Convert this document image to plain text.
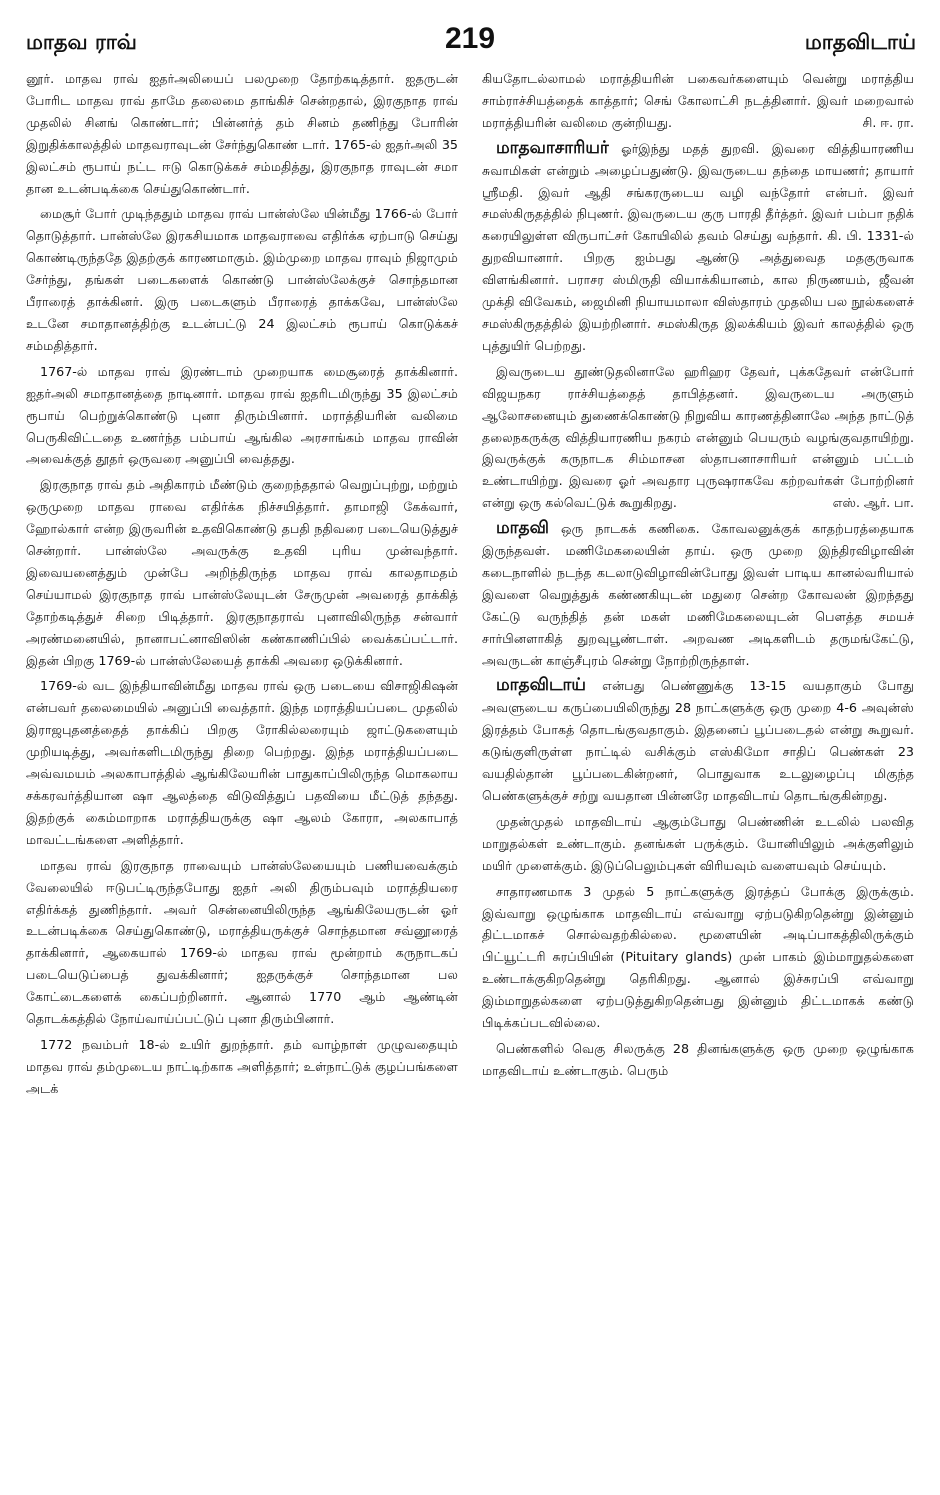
மாதவ ராவ்	219	மாதவிடாய்

னூர். மாதவ ராவ் ஐதர்அலியைப் பலமுறை தோற்கடித்தார். ஐதருடன் போரிட மாதவ ராவ் தாமே தலைமை தாங்கிச் சென்றதால், இரகுநாத ராவ் முதலில் சினங் கொண்டார்; பின்னர்த் தம் சினம் தணிந்து போரின் இறுதிக்காலத்தில் மாதவராவுடன் சேர்ந்துகொண் டார். 1765-ல் ஐதர்அலி 35 இலட்சம் ரூபாய் நட்ட ஈடு கொடுக்கச் சம்மதித்து, இரகுநாத ராவுடன் சமா தான உடன்படிக்கை செய்துகொண்டார்.

மைசூர் போர் முடிந்ததும் மாதவ ராவ் பான்ஸ்லே யின்மீது 1766-ல் போர் தொடுத்தார். பான்ஸ்லே இரகசியமாக மாதவராவை எதிர்க்க ஏற்பாடு செய்து கொண்டிருந்ததே இதற்குக் காரணமாகும். இம்முறை மாதவ ராவும் நிஜாமும் சேர்ந்து, தங்கள் படைகளைக் கொண்டு பான்ஸ்லேக்குச் சொந்தமான பீராரைத் தாக்கினர். இரு படைகளும் பீராரைத் தாக்கவே, பான்ஸ்லே உடனே சமாதானத்திற்கு உடன்பட்டு 24 இலட்சம் ரூபாய் கொடுக்கச் சம்மதித்தார்.

1767-ல் மாதவ ராவ் இரண்டாம் முறையாக மைசூரைத் தாக்கினார். ஐதர்அலி சமாதானத்தை நாடினார். மாதவ ராவ் ஐதரிடமிருந்து 35 இலட்சம் ரூபாய் பெற்றுக்கொண்டு புனா திரும்பினார். மராத்தியரின் வலிமை பெருகிவிட்டதை உணர்ந்த பம்பாய் ஆங்கில அரசாங்கம் மாதவ ராவின் அவைக்குத் தூதர் ஒருவரை அனுப்பி வைத்தது.

இரகுநாத ராவ் தம் அதிகாரம் மீண்டும் குறைந்ததால் வெறுப்புற்று, மற்றும் ஒருமுறை மாதவ ராவை எதிர்க்க நிச்சயித்தார். தாமாஜி கேக்வார், ஹோல்கார் என்ற இருவரின் உதவிகொண்டு தபதி நதிவரை படையெடுத்துச் சென்றார். பான்ஸ்லே அவருக்கு உதவி புரிய முன்வந்தார். இவையனைத்தும் முன்பே அறிந்திருந்த மாதவ ராவ் காலதாமதம் செய்யாமல் இரகுநாத ராவ் பான்ஸ்லேயுடன் சேருமுன் அவரைத் தாக்கித் தோற்கடித்துச் சிறை பிடித்தார். இரகுநாதராவ் புனாவிலிருந்த சன்வார் அரண்மனையில், நானாபட்னாவிஸின் கண்காணிப்பில் வைக்கப்பட்டார். இதன் பிறகு 1769-ல் பான்ஸ்லேயைத் தாக்கி அவரை ஒடுக்கினார்.

1769-ல் வட இந்தியாவின்மீது மாதவ ராவ் ஒரு படையை விசாஜிகிஷன் என்பவர் தலைமையில் அனுப்பி வைத்தார். இந்த மராத்தியப்படை முதலில் இராஜபுதனத்தைத் தாக்கிப் பிறகு ரோகில்லரையும் ஜாட்டுகளையும் முறியடித்து, அவர்களிடமிருந்து திறை பெற்றது. இந்த மராத்தியப்படை அவ்வமயம் அலகாபாத்தில் ஆங்கிலேயரின் பாதுகாப்பிலிருந்த மொகலாய சக்கரவர்த்தியான ஷா ஆலத்தை விடுவித்துப் பதவியை மீட்டுத் தந்தது. இதற்குக் கைம்மாறாக மராத்தியருக்கு ஷா ஆலம் கோரா, அலகாபாத் மாவட்டங்களை அளித்தார்.

மாதவ ராவ் இரகுநாத ராவையும் பான்ஸ்லேயையும் பணியவைக்கும் வேலையில் ஈடுபட்டிருந்தபோது ஐதர் அலி திரும்பவும் மராத்தியரை எதிர்க்கத் துணிந்தார். அவர் சென்னையிலிருந்த ஆங்கிலேயருடன் ஓர் உடன்படிக்கை செய்துகொண்டு, மராத்தியருக்குச் சொந்தமான சவ்னூரைத் தாக்கினார், ஆகையால் 1769-ல் மாதவ ராவ் மூன்றாம் கருநாடகப் படையெடுப்பைத் துவக்கினார்; ஐதருக்குச் சொந்தமான பல கோட்டைகளைக் கைப்பற்றினார். ஆனால் 1770 ஆம் ஆண்டின் தொடக்கத்தில் நோய்வாய்ப்பட்டுப் புனா திரும்பினார்.

1772 நவம்பர் 18-ல் உயிர் துறந்தார். தம் வாழ்நாள் முழுவதையும் மாதவ ராவ் தம்முடைய நாட்டிற்காக அளித்தார்; உள்நாட்டுக் குழப்பங்களை அடக்

கியதோடல்லாமல் மராத்தியரின் பகைவர்களையும் வென்று மராத்திய சாம்ராச்சியத்தைக் காத்தார்; செங் கோலாட்சி நடத்தினார். இவர் மறைவால் மராத்தியரின் வலிமை குன்றியது.	சி. ஈ. ரா.

மாதவாசாரியர் ஓர்இந்து மதத் துறவி. இவரை வித்தியாரணிய சுவாமிகள் என்றும் அழைப்பதுண்டு. இவருடைய தந்தை மாயணர்; தாயார் ஸ்ரீமதி. இவர் ஆதி சங்கரருடைய வழி வந்தோர் என்பர். இவர் சமஸ்கிருதத்தில் நிபுணர். இவருடைய குரு பாரதி தீர்த்தர். இவர் பம்பா நதிக் கரையிலுள்ள விருபாட்சர் கோயிலில் தவம் செய்து வந்தார். கி. பி. 1331-ல் துறவியானார். பிறகு ஐம்பது ஆண்டு அத்துவைத மதகுருவாக விளங்கினார். பராசர ஸ்மிருதி வியாக்கியானம், கால நிருணயம், ஜீவன் முக்தி விவேகம், ஜைமினி நியாயமாலா விஸ்தாரம் முதலிய பல நூல்களைச் சமஸ்கிருதத்தில் இயற்றினார். சமஸ்கிருத இலக்கியம் இவர் காலத்தில் ஒரு புத்துயிர் பெற்றது.

இவருடைய தூண்டுதலினாலே ஹரிஹர தேவர், புக்கதேவர் என்போர் விஜயநகர ராச்சியத்தைத் தாபித்தனர். இவருடைய அருளும் ஆலோசனையும் துணைக்கொண்டு நிறுவிய காரணத்தினாலே அந்த நாட்டுத் தலைநகருக்கு வித்தியாரணிய நகரம் என்னும் பெயரும் வழங்குவதாயிற்று. இவருக்குக் கருநாடக சிம்மாசன ஸ்தாபனாசாரியர் என்னும் பட்டம் உண்டாயிற்று. இவரை ஓர் அவதார புருஷராகவே கற்றவர்கள் போற்றினர் என்று ஒரு கல்வெட்டுக் கூறுகிறது.	எஸ். ஆர். பா.

மாதவி ஒரு நாடகக் கணிகை. கோவலனுக்குக் காதற்பரத்தையாக இருந்தவள். மணிமேகலையின் தாய். ஒரு முறை இந்திரவிழாவின் கடைநாளில் நடந்த கடலாடுவிழாவின்போது இவள் பாடிய கானல்வரியால் இவளை வெறுத்துக் கண்ணகியுடன் மதுரை சென்ற கோவலன் இறந்தது கேட்டு வருந்தித் தன் மகள் மணிமேகலையுடன் பௌத்த சமயச் சார்பினளாகித் துறவுபூண்டாள். அறவண அடிகளிடம் தருமங்கேட்டு, அவருடன் காஞ்சீபுரம் சென்று நோற்றிருந்தாள்.

மாதவிடாய் என்பது பெண்ணுக்கு 13-15 வயதாகும் போது அவளுடைய கருப்பையிலிருந்து 28 நாட்களுக்கு ஒரு முறை 4-6 அவுன்ஸ் இரத்தம் போகத் தொடங்குவதாகும். இதனைப் பூப்படைதல் என்று கூறுவர். கடுங்குளிருள்ள நாட்டில் வசிக்கும் எஸ்கிமோ சாதிப் பெண்கள் 23 வயதில்தான் பூப்படைகின்றனர், பொதுவாக உடலுழைப்பு மிகுந்த பெண்களுக்குச் சற்று வயதான பின்னரே மாதவிடாய் தொடங்குகின்றது.

முதன்முதல் மாதவிடாய் ஆகும்போது பெண்ணின் உடலில் பலவித மாறுதல்கள் உண்டாகும். தனங்கள் பருக்கும். யோனியிலும் அக்குளிலும் மயிர் முளைக்கும். இடுப்பெலும்புகள் விரியவும் வளையவும் செய்யும்.

சாதாரணமாக 3 முதல் 5 நாட்களுக்கு இரத்தப் போக்கு இருக்கும். இவ்வாறு ஒழுங்காக மாதவிடாய் எவ்வாறு ஏற்படுகிறதென்று இன்னும் திட்டமாகச் சொல்வதற்கில்லை. மூளையின் அடிப்பாகத்திலிருக்கும் பிட்யூட்டரி சுரப்பியின் (Pituitary glands) முன் பாகம் இம்மாறுதல்களை உண்டாக்குகிறதென்று தெரிகிறது. ஆனால் இச்சுரப்பி எவ்வாறு இம்மாறுதல்களை ஏற்படுத்துகிறதென்பது இன்னும் திட்டமாகக் கண்டு பிடிக்கப்படவில்லை.

பெண்களில் வெகு சிலருக்கு 28 தினங்களுக்கு ஒரு முறை ஒழுங்காக மாதவிடாய் உண்டாகும். பெரும்
